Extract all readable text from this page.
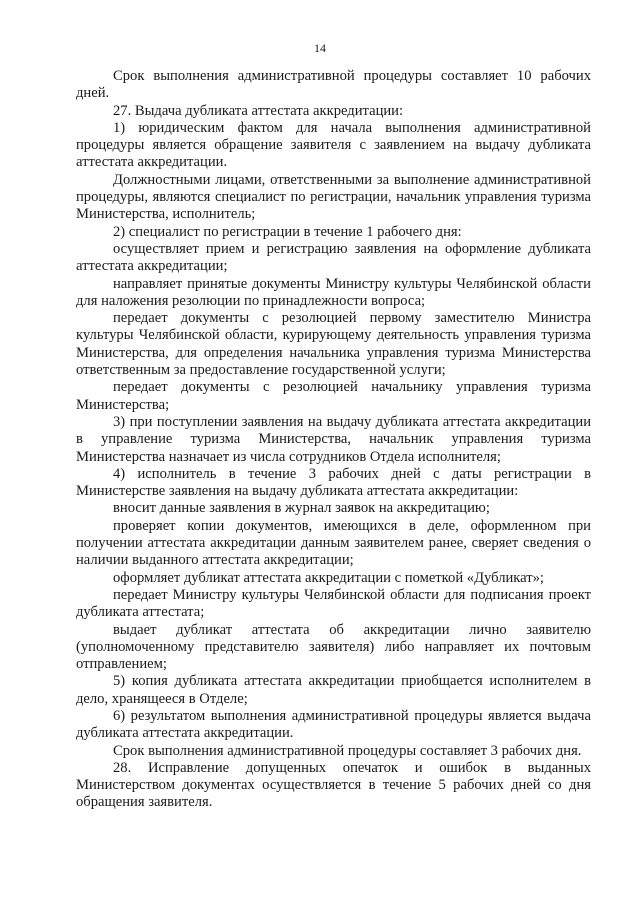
14

Срок выполнения административной процедуры составляет 10 рабочих дней.

27. Выдача дубликата аттестата аккредитации:

1) юридическим фактом для начала выполнения административной процедуры является обращение заявителя с заявлением на выдачу дубликата аттестата аккредитации.

Должностными лицами, ответственными за выполнение административной процедуры, являются специалист по регистрации, начальник управления туризма Министерства, исполнитель;

2) специалист по регистрации в течение 1 рабочего дня:

осуществляет прием и регистрацию заявления на оформление дубликата аттестата аккредитации;

направляет принятые документы Министру культуры Челябинской области для наложения резолюции по принадлежности вопроса;

передает документы с резолюцией первому заместителю Министра культуры Челябинской области, курирующему деятельность управления туризма Министерства, для определения начальника управления туризма Министерства ответственным за предоставление государственной услуги;

передает документы с резолюцией начальнику управления туризма Министерства;

3) при поступлении заявления на выдачу дубликата аттестата аккредитации в управление туризма Министерства, начальник управления туризма Министерства назначает из числа сотрудников Отдела исполнителя;

4) исполнитель в течение 3 рабочих дней с даты регистрации в Министерстве заявления на выдачу дубликата аттестата аккредитации:

вносит данные заявления в журнал заявок на аккредитацию;

проверяет копии документов, имеющихся в деле, оформленном при получении аттестата аккредитации данным заявителем ранее, сверяет сведения о наличии выданного аттестата аккредитации;

оформляет дубликат аттестата аккредитации с пометкой «Дубликат»;

передает Министру культуры Челябинской области для подписания проект дубликата аттестата;

выдает дубликат аттестата об аккредитации лично заявителю (уполномоченному представителю заявителя) либо направляет их почтовым отправлением;

5) копия дубликата аттестата аккредитации приобщается исполнителем в дело, хранящееся в Отделе;

6) результатом выполнения административной процедуры является выдача дубликата аттестата аккредитации.

Срок выполнения административной процедуры составляет 3 рабочих дня.

28. Исправление допущенных опечаток и ошибок в выданных Министерством документах осуществляется в течение 5 рабочих дней со дня обращения заявителя.
